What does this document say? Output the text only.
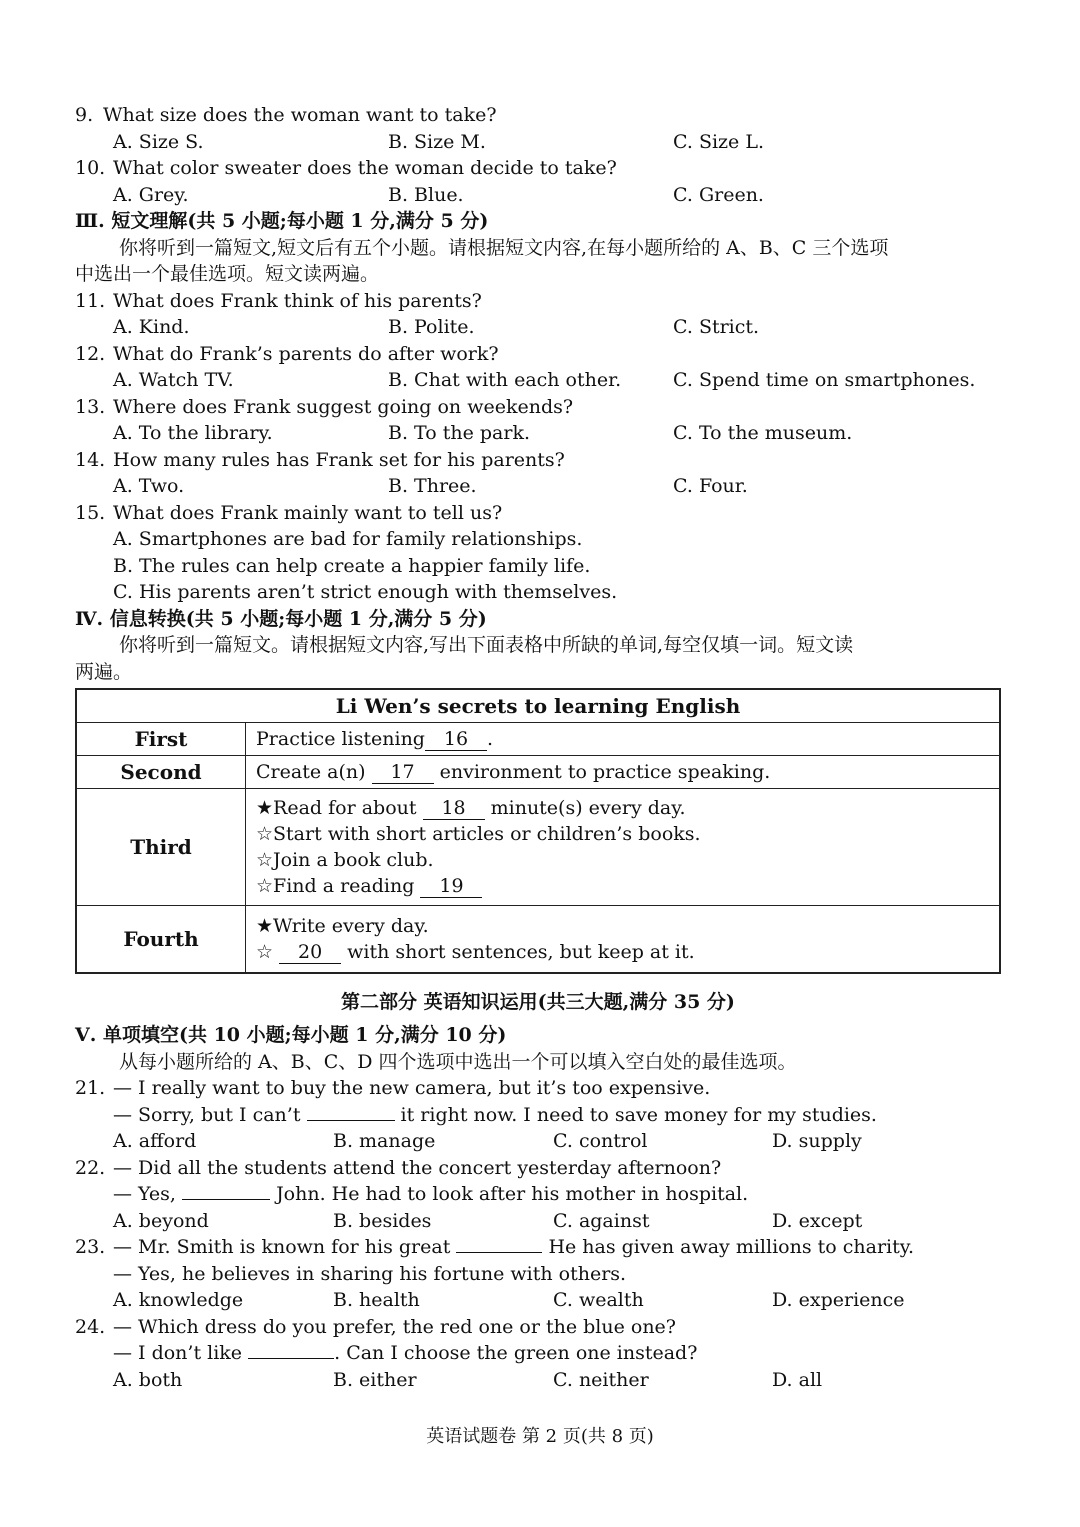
9. What size does the woman want to take?
A. Size S.	B. Size M.	C. Size L.
10. What color sweater does the woman decide to take?
A. Grey.	B. Blue.	C. Green.
Ⅲ. 短文理解(共 5 小题;每小题 1 分,满分 5 分)
你将听到一篇短文,短文后有五个小题。请根据短文内容,在每小题所给的 A、B、C 三个选项
中选出一个最佳选项。短文读两遍。
11. What does Frank think of his parents?
A. Kind.	B. Polite.	C. Strict.
12. What do Frank’s parents do after work?
A. Watch TV.	B. Chat with each other.	C. Spend time on smartphones.
13. Where does Frank suggest going on weekends?
A. To the library.	B. To the park.	C. To the museum.
14. How many rules has Frank set for his parents?
A. Two.	B. Three.	C. Four.
15. What does Frank mainly want to tell us?
A. Smartphones are bad for family relationships.
B. The rules can help create a happier family life.
C. His parents aren’t strict enough with themselves.
Ⅳ. 信息转换(共 5 小题;每小题 1 分,满分 5 分)
你将听到一篇短文。请根据短文内容,写出下面表格中所缺的单词,每空仅填一词。短文读
两遍。
Li Wen’s secrets to learning English	
First	Practice listening 16 .
Second	Create a(n) 17 environment to practice speaking.
Third	★Read for about 18 minute(s) every day.
☆Start with short articles or children’s books.
☆Join a book club.
☆Find a reading 19

Fourth	★Write every day.
☆ 20 with short sentences, but keep at it.
第二部分 英语知识运用(共三大题,满分 35 分)
Ⅴ. 单项填空(共 10 小题;每小题 1 分,满分 10 分)
从每小题所给的 A、B、C、D 四个选项中选出一个可以填入空白处的最佳选项。
21. — I really want to buy the new camera, but it’s too expensive.
— Sorry, but I can’t	it right now. I need to save money for my studies.
A. afford	B. manage	C. control	D. supply
22. — Did all the students attend the concert yesterday afternoon?
— Yes,	John. He had to look after his mother in hospital.
A. beyond	B. besides	C. against	D. except
23. — Mr. Smith is known for his great	He has given away millions to charity.
— Yes, he believes in sharing his fortune with others.
A. knowledge	B. health	C. wealth	D. experience
24. — Which dress do you prefer, the red one or the blue one?
— I don’t like	. Can I choose the green one instead?
A. both	B. either	C. neither	D. all
英语试题卷 第 2 页(共 8 页)
